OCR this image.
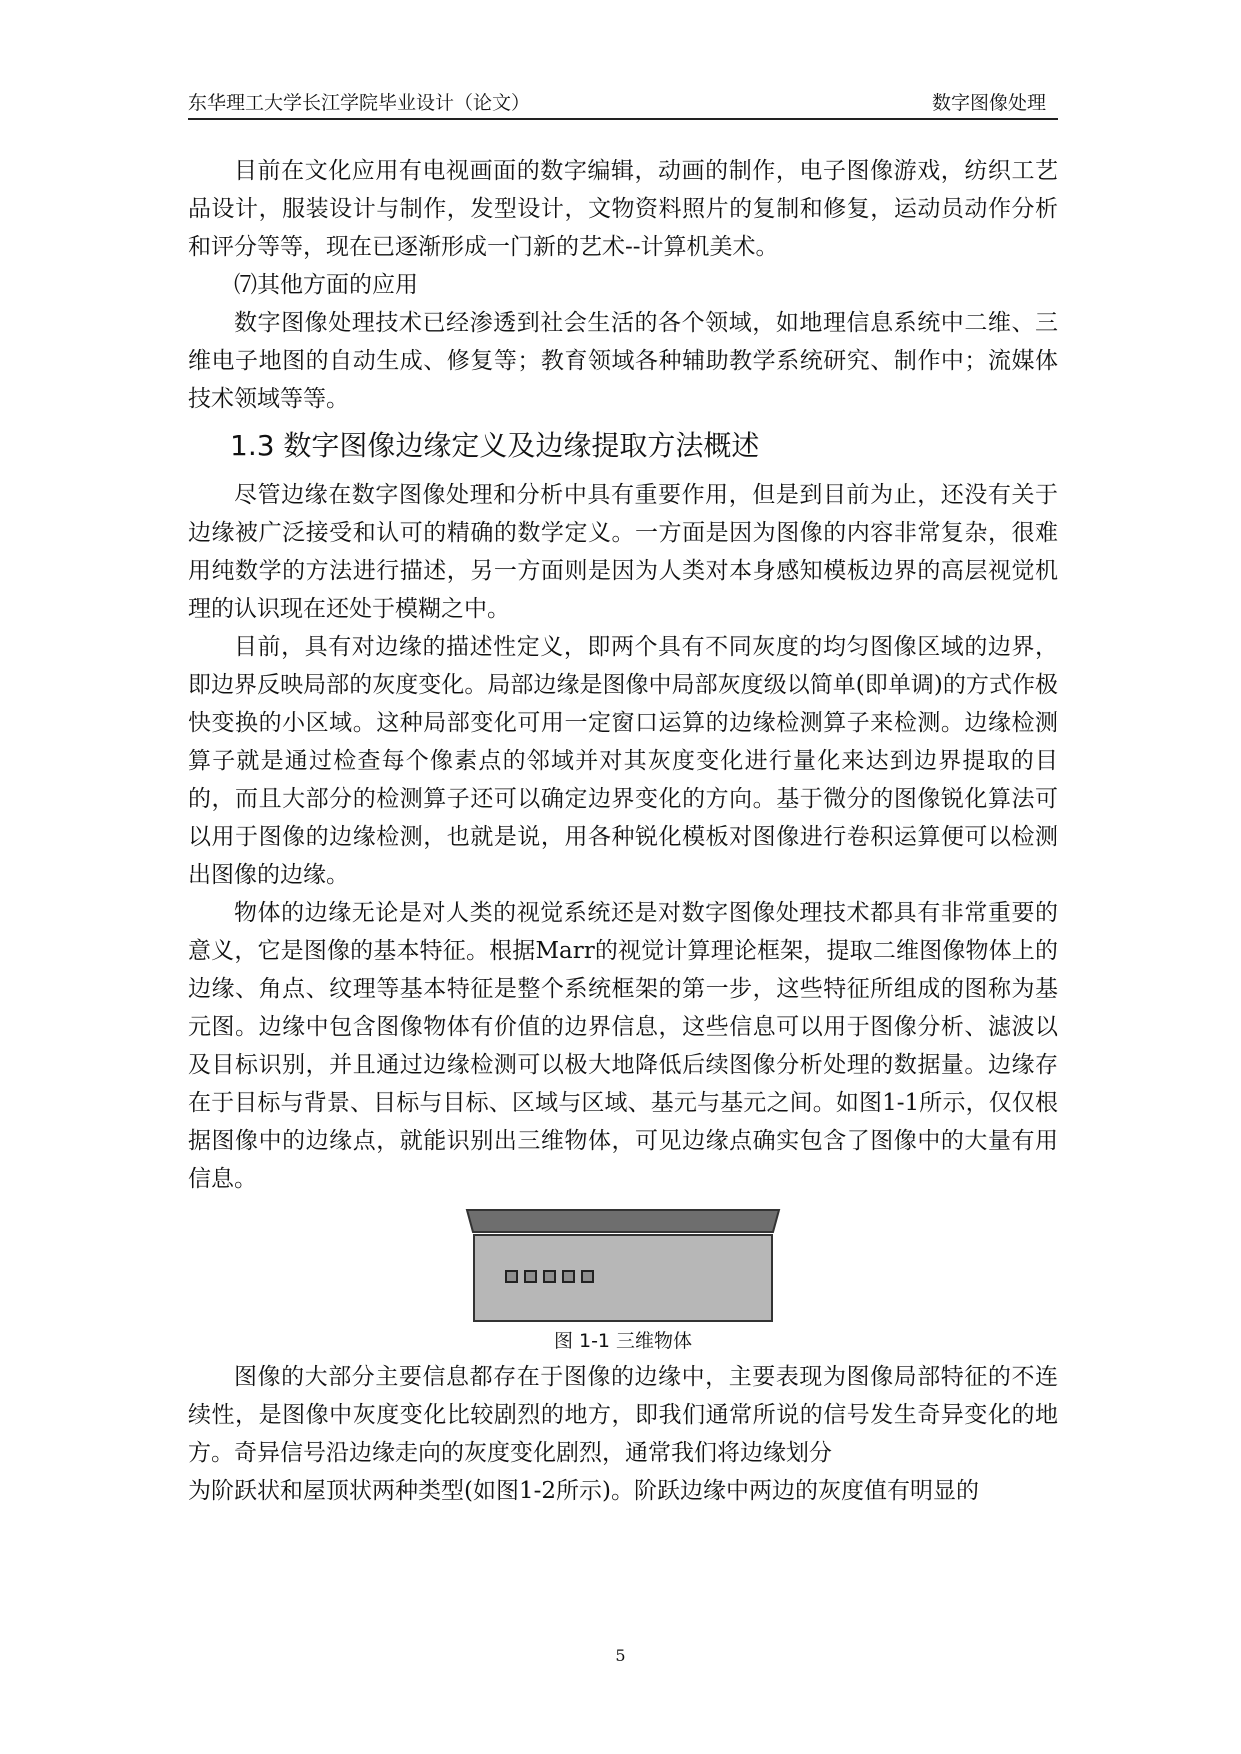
东华理工大学长江学院毕业设计（论文）	数字图像处理

目前在文化应用有电视画面的数字编辑，动画的制作，电子图像游戏，纺织工艺品设计，服装设计与制作，发型设计，文物资料照片的复制和修复，运动员动作分析和评分等等，现在已逐渐形成一门新的艺术--计算机美术。

⑺其他方面的应用

数字图像处理技术已经渗透到社会生活的各个领域，如地理信息系统中二维、三维电子地图的自动生成、修复等；教育领域各种辅助教学系统研究、制作中；流媒体技术领域等等。

1.3 数字图像边缘定义及边缘提取方法概述

尽管边缘在数字图像处理和分析中具有重要作用，但是到目前为止，还没有关于边缘被广泛接受和认可的精确的数学定义。一方面是因为图像的内容非常复杂，很难用纯数学的方法进行描述，另一方面则是因为人类对本身感知模板边界的高层视觉机理的认识现在还处于模糊之中。

目前，具有对边缘的描述性定义，即两个具有不同灰度的均匀图像区域的边界，即边界反映局部的灰度变化。局部边缘是图像中局部灰度级以简单(即单调)的方式作极快变换的小区域。这种局部变化可用一定窗口运算的边缘检测算子来检测。边缘检测算子就是通过检查每个像素点的邻域并对其灰度变化进行量化来达到边界提取的目的，而且大部分的检测算子还可以确定边界变化的方向。基于微分的图像锐化算法可以用于图像的边缘检测，也就是说，用各种锐化模板对图像进行卷积运算便可以检测出图像的边缘。

物体的边缘无论是对人类的视觉系统还是对数字图像处理技术都具有非常重要的意义，它是图像的基本特征。根据Marr的视觉计算理论框架，提取二维图像物体上的边缘、角点、纹理等基本特征是整个系统框架的第一步，这些特征所组成的图称为基元图。边缘中包含图像物体有价值的边界信息，这些信息可以用于图像分析、滤波以及目标识别，并且通过边缘检测可以极大地降低后续图像分析处理的数据量。边缘存在于目标与背景、目标与目标、区域与区域、基元与基元之间。如图1-1所示，仅仅根据图像中的边缘点，就能识别出三维物体，可见边缘点确实包含了图像中的大量有用信息。

图 1-1 三维物体

图像的大部分主要信息都存在于图像的边缘中，主要表现为图像局部特征的不连续性，是图像中灰度变化比较剧烈的地方，即我们通常所说的信号发生奇异变化的地方。奇异信号沿边缘走向的灰度变化剧烈，通常我们将边缘划分

为阶跃状和屋顶状两种类型(如图1-2所示)。阶跃边缘中两边的灰度值有明显的

5
